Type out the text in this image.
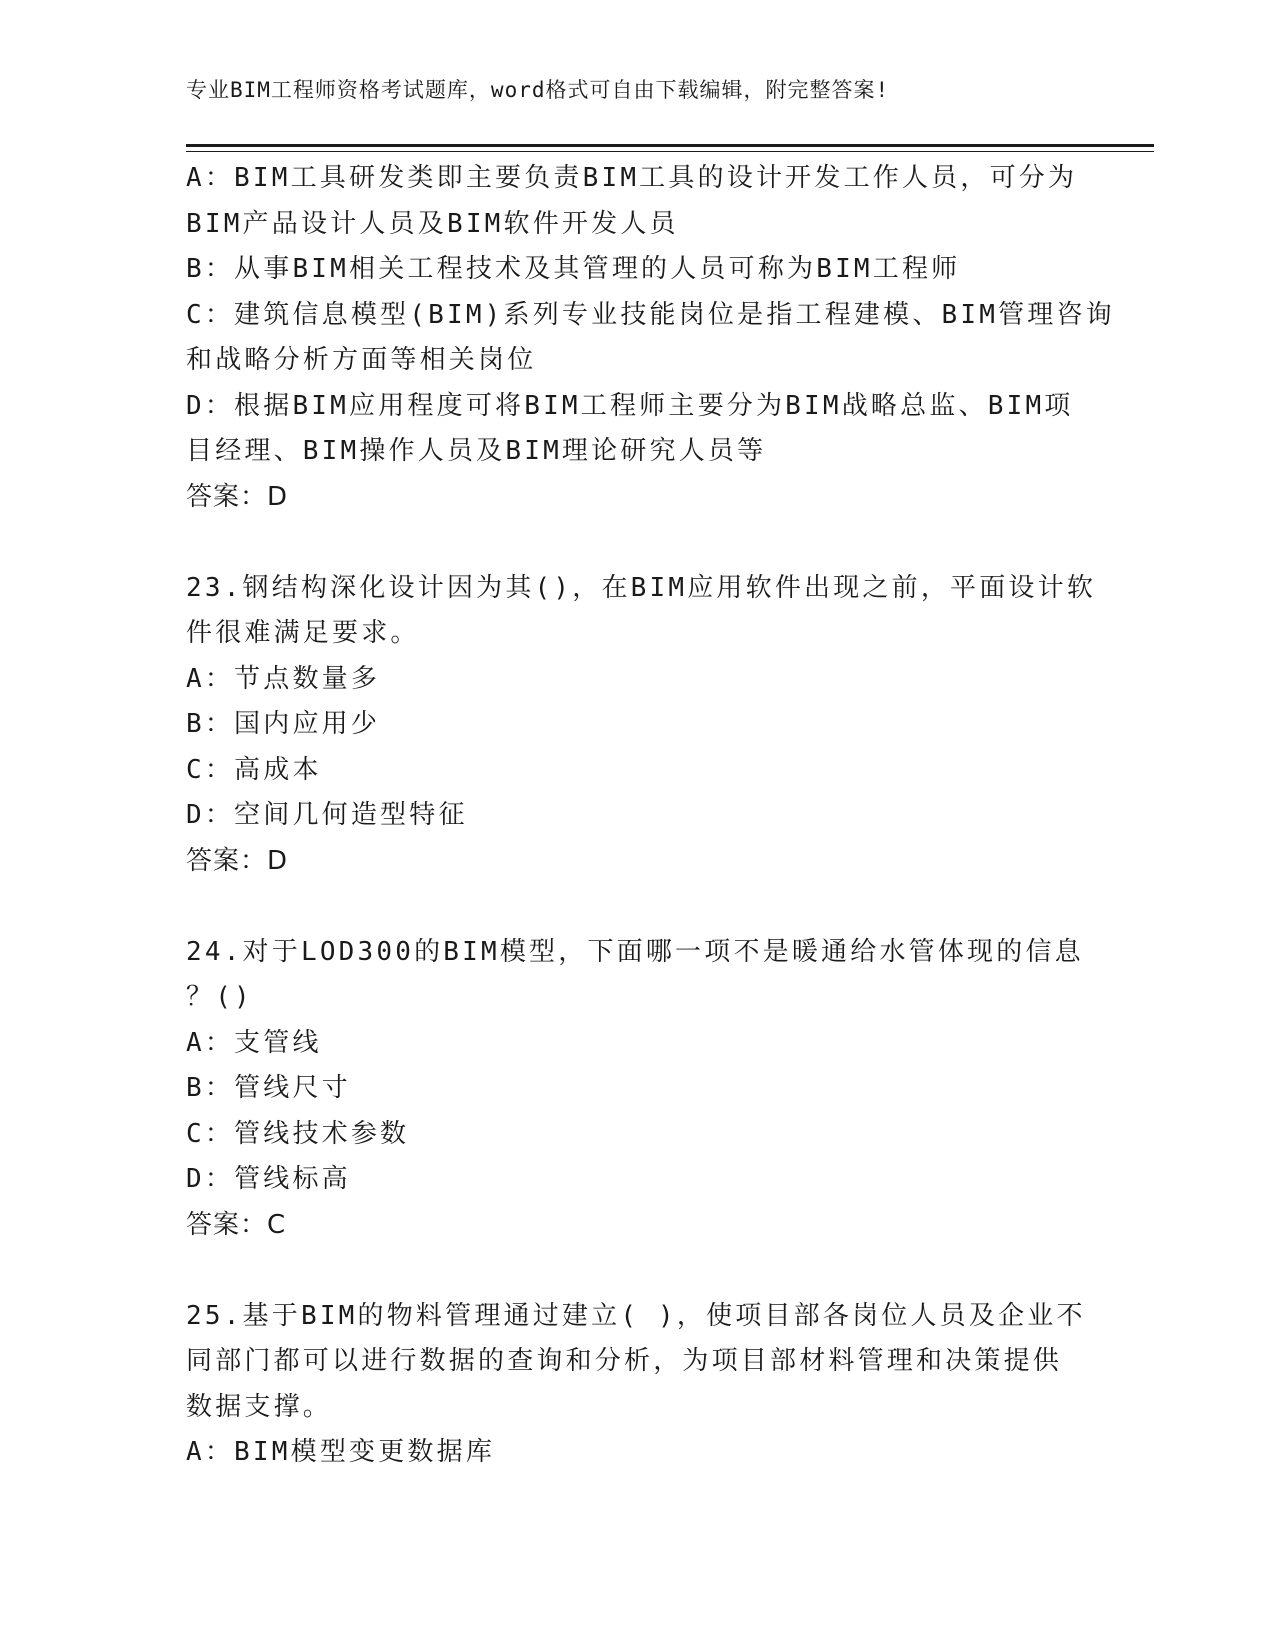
专业BIM工程师资格考试题库，word格式可自由下载编辑，附完整答案!
A：BIM工具研发类即主要负责BIM工具的设计开发工作人员，可分为
BIM产品设计人员及BIM软件开发人员
B：从事BIM相关工程技术及其管理的人员可称为BIM工程师
C：建筑信息模型(BIM)系列专业技能岗位是指工程建模、BIM管理咨询
和战略分析方面等相关岗位
D：根据BIM应用程度可将BIM工程师主要分为BIM战略总监、BIM项
目经理、BIM操作人员及BIM理论研究人员等
答案：D
23.钢结构深化设计因为其()，在BIM应用软件出现之前，平面设计软
件很难满足要求。
A：节点数量多
B：国内应用少
C：高成本
D：空间几何造型特征
答案：D
24.对于LOD300的BIM模型，下面哪一项不是暖通给水管体现的信息
？()
A：支管线
B：管线尺寸
C：管线技术参数
D：管线标高
答案：C
25.基于BIM的物料管理通过建立( )，使项目部各岗位人员及企业不
同部门都可以进行数据的查询和分析，为项目部材料管理和决策提供
数据支撑。
A：BIM模型变更数据库
